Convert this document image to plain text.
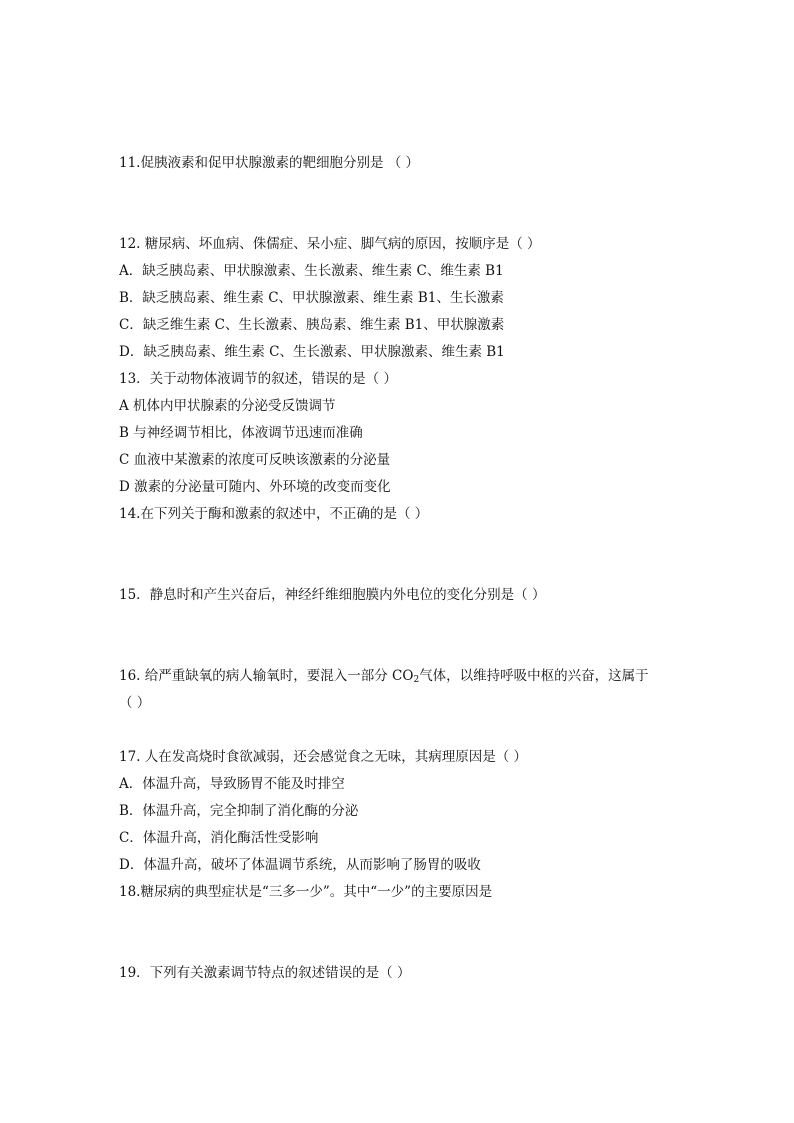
11.促胰液素和促甲状腺激素的靶细胞分别是 （ ）

12. 糖尿病、坏血病、侏儒症、呆小症、脚气病的原因，按顺序是（ ）
A．缺乏胰岛素、甲状腺激素、生长激素、维生素 C、维生素 B1
B．缺乏胰岛素、维生素 C、甲状腺激素、维生素 B1、生长激素
C．缺乏维生素 C、生长激素、胰岛素、维生素 B1、甲状腺激素
D．缺乏胰岛素、维生素 C、生长激素、甲状腺激素、维生素 B1
13．关于动物体液调节的叙述，错误的是（ ）
A 机体内甲状腺素的分泌受反馈调节
B 与神经调节相比，体液调节迅速而准确
C 血液中某激素的浓度可反映该激素的分泌量
D 激素的分泌量可随内、外环境的改变而变化
14.在下列关于酶和激素的叙述中，不正确的是（ ）

15．静息时和产生兴奋后，神经纤维细胞膜内外电位的变化分别是（ ）

16. 给严重缺氧的病人输氧时，要混入一部分 $CO_2$气体，以维持呼吸中枢的兴奋，这属于
（ ）

17. 人在发高烧时食欲减弱，还会感觉食之无味，其病理原因是（ ）
A．体温升高，导致肠胃不能及时排空
B．体温升高，完全抑制了消化酶的分泌
C．体温升高，消化酶活性受影响
D．体温升高，破坏了体温调节系统，从而影响了肠胃的吸收
18.糖尿病的典型症状是“三多一少”。其中“一少”的主要原因是

19．下列有关激素调节特点的叙述错误的是（ ）
